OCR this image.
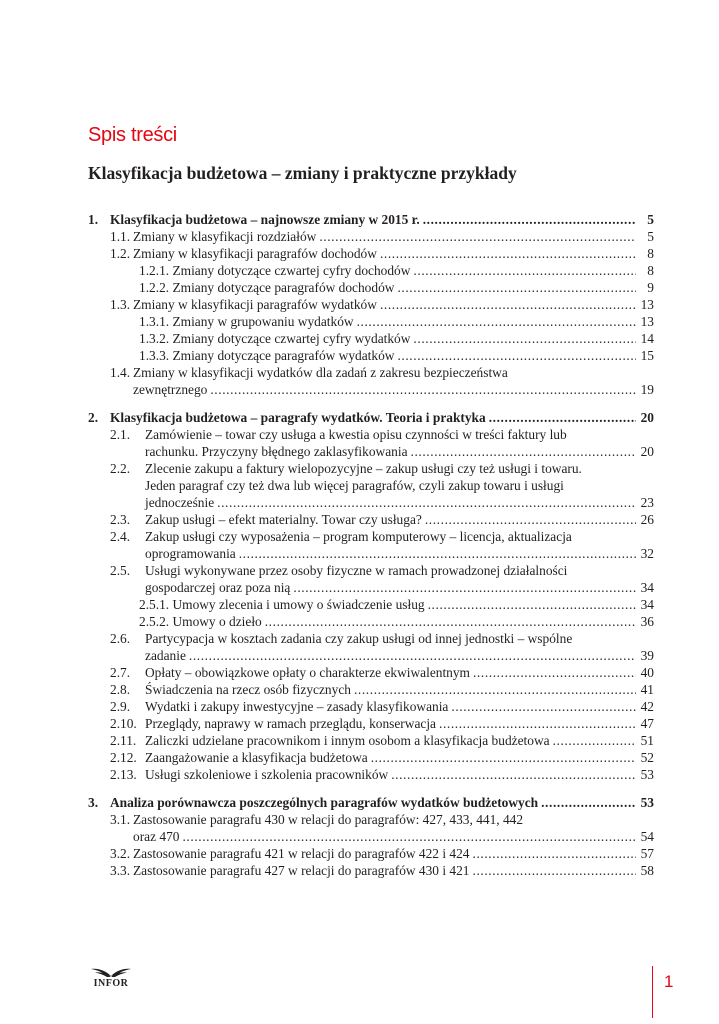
Spis treści
Klasyfikacja budżetowa – zmiany i praktyczne przykłady
1. Klasyfikacja budżetowa – najnowsze zmiany w 2015 r. .....	5
1.1. Zmiany w klasyfikacji rozdziałów .....	5
1.2. Zmiany w klasyfikacji paragrafów dochodów .....	8
1.2.1. Zmiany dotyczące czwartej cyfry dochodów .....	8
1.2.2. Zmiany dotyczące paragrafów dochodów .....	9
1.3. Zmiany w klasyfikacji paragrafów wydatków .....	13
1.3.1. Zmiany w grupowaniu wydatków .....	13
1.3.2. Zmiany dotyczące czwartej cyfry wydatków .....	14
1.3.3. Zmiany dotyczące paragrafów wydatków .....	15
1.4. Zmiany w klasyfikacji wydatków dla zadań z zakresu bezpieczeństwa
zewnętrznego .....	19
2. Klasyfikacja budżetowa – paragrafy wydatków. Teoria i praktyka .....	20
2.1. Zamówienie – towar czy usługa a kwestia opisu czynności w treści faktury lub
rachunku. Przyczyny błędnego zaklasyfikowania .....	20
2.2. Zlecenie zakupu a faktury wielopozycyjne – zakup usługi czy też usługi i towaru.
Jeden paragraf czy też dwa lub więcej paragrafów, czyli zakup towaru i usługi
jednocześnie .....	23
2.3. Zakup usługi – efekt materialny. Towar czy usługa? .....	26
2.4. Zakup usługi czy wyposażenia – program komputerowy – licencja, aktualizacja
oprogramowania .....	32
2.5. Usługi wykonywane przez osoby fizyczne w ramach prowadzonej działalności
gospodarczej oraz poza nią .....	34
2.5.1. Umowy zlecenia i umowy o świadczenie usług .....	34
2.5.2. Umowy o dzieło .....	36
2.6. Partycypacja w kosztach zadania czy zakup usługi od innej jednostki – wspólne
zadanie .....	39
2.7. Opłaty – obowiązkowe opłaty o charakterze ekwiwalentnym .....	40
2.8. Świadczenia na rzecz osób fizycznych .....	41
2.9. Wydatki i zakupy inwestycyjne – zasady klasyfikowania .....	42
2.10. Przeglądy, naprawy w ramach przeglądu, konserwacja .....	47
2.11. Zaliczki udzielane pracownikom i innym osobom a klasyfikacja budżetowa .....	51
2.12. Zaangażowanie a klasyfikacja budżetowa .....	52
2.13. Usługi szkoleniowe i szkolenia pracowników .....	53
3. Analiza porównawcza poszczególnych paragrafów wydatków budżetowych .....	53
3.1. Zastosowanie paragrafu 430 w relacji do paragrafów: 427, 433, 441, 442
oraz 470 .....	54
3.2. Zastosowanie paragrafu 421 w relacji do paragrafów 422 i 424 .....	57
3.3. Zastosowanie paragrafu 427 w relacji do paragrafów 430 i 421 .....	58
INFOR	1
